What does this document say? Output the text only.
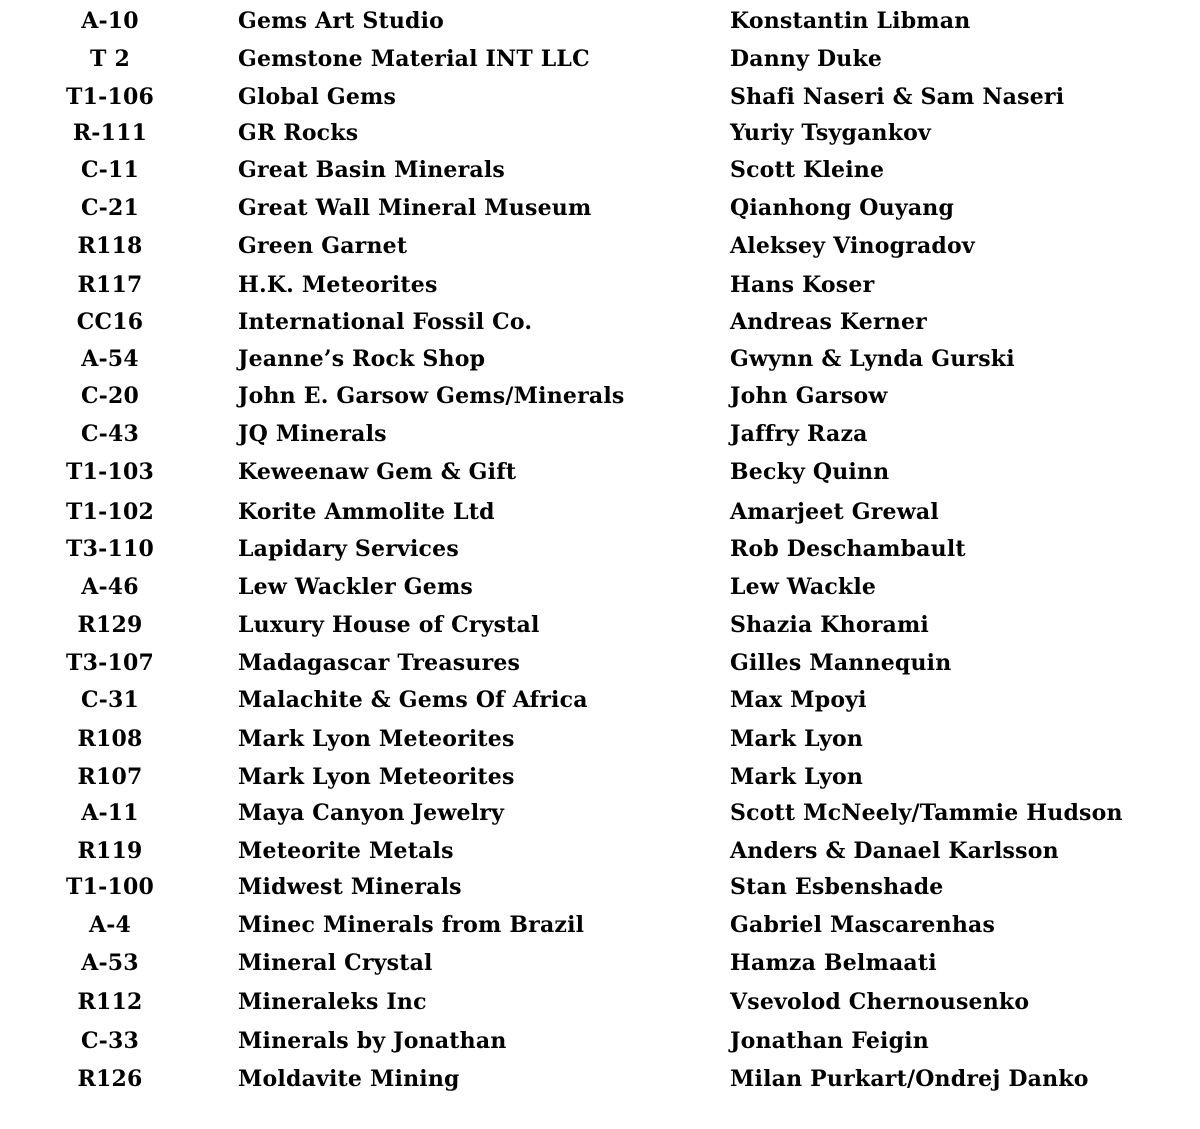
A-10	Gems Art Studio	Konstantin Libman
T 2	Gemstone Material INT LLC	Danny Duke
T1-106	Global Gems	Shafi Naseri & Sam Naseri
R-111	GR Rocks	Yuriy Tsygankov
C-11	Great Basin Minerals	Scott Kleine
C-21	Great Wall Mineral Museum	Qianhong Ouyang
R118	Green Garnet	Aleksey Vinogradov
R117	H.K. Meteorites	Hans Koser
CC16	International Fossil Co.	Andreas Kerner
A-54	Jeanne’s Rock Shop	Gwynn & Lynda Gurski
C-20	John E. Garsow Gems/Minerals	John Garsow
C-43	JQ Minerals	Jaffry Raza
T1-103	Keweenaw Gem & Gift	Becky Quinn
T1-102	Korite Ammolite Ltd	Amarjeet Grewal
T3-110	Lapidary Services	Rob Deschambault
A-46	Lew Wackler Gems	Lew Wackle
R129	Luxury House of Crystal	Shazia Khorami
T3-107	Madagascar Treasures	Gilles Mannequin
C-31	Malachite & Gems Of Africa	Max Mpoyi
R108	Mark Lyon Meteorites	Mark Lyon
R107	Mark Lyon Meteorites	Mark Lyon
A-11	Maya Canyon Jewelry	Scott McNeely/Tammie Hudson
R119	Meteorite Metals	Anders & Danael Karlsson
T1-100	Midwest Minerals	Stan Esbenshade
A-4	Minec Minerals from Brazil	Gabriel Mascarenhas
A-53	Mineral Crystal	Hamza Belmaati
R112	Mineraleks Inc	Vsevolod Chernousenko
C-33	Minerals by Jonathan	Jonathan Feigin
R126	Moldavite Mining	Milan Purkart/Ondrej Danko
